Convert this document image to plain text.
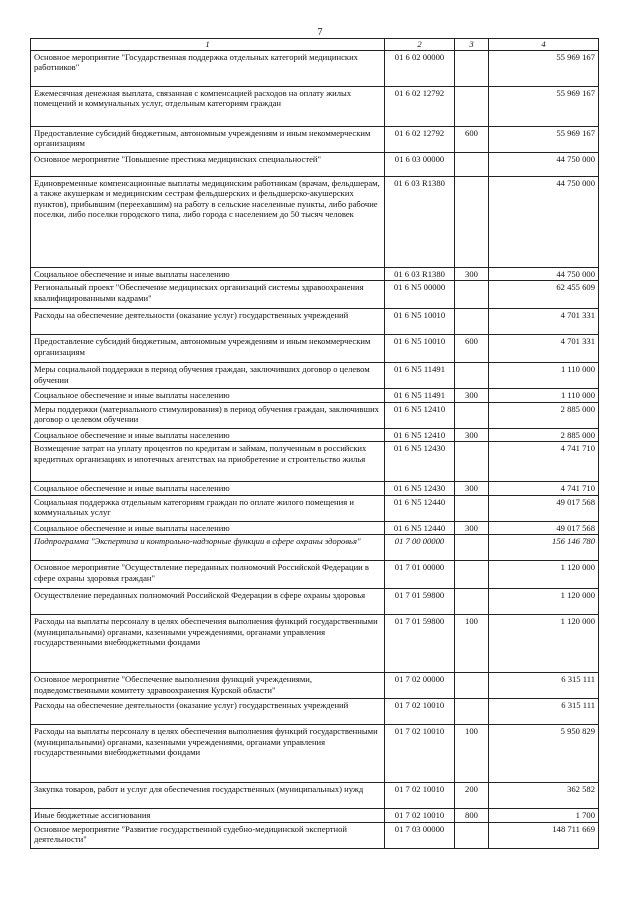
7
1	2	3	4
Основное мероприятие "Государственная поддержка отдельных категорий медицинских работников"	01 6 02 00000		55 969 167
Ежемесячная денежная выплата, связанная с компенсацией расходов на оплату жилых помещений и коммунальных услуг, отдельным категориям граждан	01 6 02 12792		55 969 167
Предоставление субсидий бюджетным, автономным учреждениям и иным некоммерческим организациям	01 6 02 12792	600	55 969 167
Основное мероприятие "Повышение престижа медицинских специальностей"	01 6 03 00000		44 750 000
Единовременные компенсационные выплаты медицинским работникам (врачам, фельдшерам, а также акушеркам и медицинским сестрам фельдшерских и фельдшерско-акушерских пунктов), прибывшим (переехавшим) на работу в сельские населенные пункты, либо рабочие поселки, либо поселки городского типа, либо города с населением до 50 тысяч человек	01 6 03 R1380		44 750 000
Социальное обеспечение и иные выплаты населению	01 6 03 R1380	300	44 750 000
Региональный проект "Обеспечение медицинских организаций системы здравоохранения квалифицированными кадрами"	01 6 N5 00000		62 455 609
Расходы на обеспечение деятельности (оказание услуг) государственных учреждений	01 6 N5 10010		4 701 331
Предоставление субсидий бюджетным, автономным учреждениям и иным некоммерческим организациям	01 6 N5 10010	600	4 701 331
Меры социальной поддержки в период обучения граждан, заключивших договор о целевом обучении	01 6 N5 11491		1 110 000
Социальное обеспечение и иные выплаты населению	01 6 N5 11491	300	1 110 000
Меры поддержки (материального стимулирования) в период обучения граждан, заключивших договор о целевом обучении	01 6 N5 12410		2 885 000
Социальное обеспечение и иные выплаты населению	01 6 N5 12410	300	2 885 000
Возмещение затрат на уплату процентов по кредитам и займам, полученным в российских кредитных организациях и ипотечных агентствах на приобретение и строительство жилья	01 6 N5 12430		4 741 710
Социальное обеспечение и иные выплаты населению	01 6 N5 12430	300	4 741 710
Социальная поддержка отдельным категориям граждан по оплате жилого помещения и коммунальных услуг	01 6 N5 12440		49 017 568
Социальное обеспечение и иные выплаты населению	01 6 N5 12440	300	49 017 568
Подпрограмма "Экспертиза и контрольно-надзорные функции в сфере охраны здоровья"	01 7 00 00000		156 146 780
Основное мероприятие "Осуществление переданных полномочий Российской Федерации в сфере охраны здоровья граждан"	01 7 01 00000		1 120 000
Осуществление переданных полномочий Российской Федерации в сфере охраны здоровья	01 7 01 59800		1 120 000
Расходы на выплаты персоналу в целях обеспечения выполнения функций государственными (муниципальными) органами, казенными учреждениями, органами управления государственными внебюджетными фондами	01 7 01 59800	100	1 120 000
Основное мероприятие "Обеспечение выполнения функций учреждениями, подведомственными комитету здравоохранения Курской области"	01 7 02 00000		6 315 111
Расходы на обеспечение деятельности (оказание услуг) государственных учреждений	01 7 02 10010		6 315 111
Расходы на выплаты персоналу в целях обеспечения выполнения функций государственными (муниципальными) органами, казенными учреждениями, органами управления государственными внебюджетными фондами	01 7 02 10010	100	5 950 829
Закупка товаров, работ и услуг для обеспечения государственных (муниципальных) нужд	01 7 02 10010	200	362 582
Иные бюджетные ассигнования	01 7 02 10010	800	1 700
Основное мероприятие "Развитие государственной судебно-медицинской экспертной деятельности"	01 7 03 00000		148 711 669
